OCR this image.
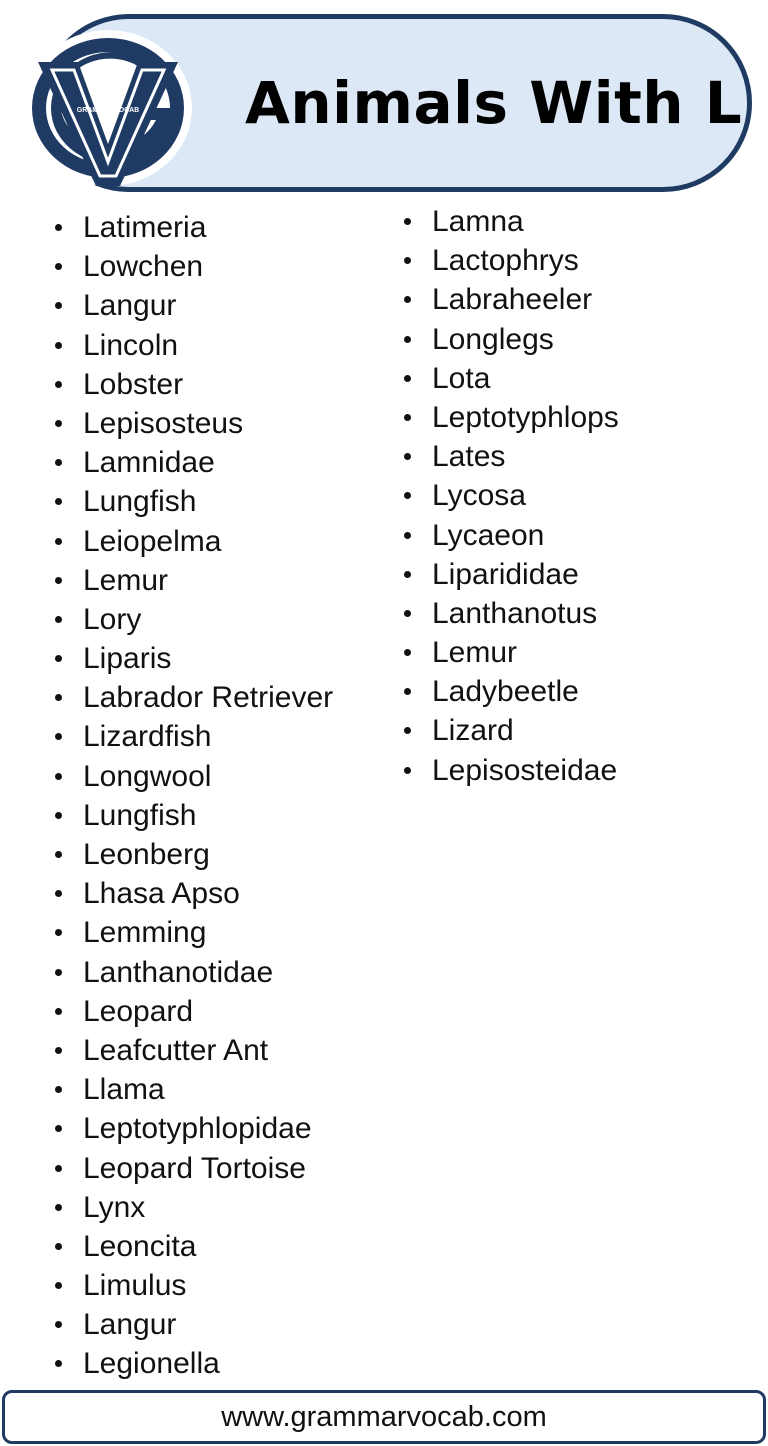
Animals With L
GRAMMARVOCAB
Latimeria
Lowchen
Langur
Lincoln
Lobster
Lepisosteus
Lamnidae
Lungfish
Leiopelma
Lemur
Lory
Liparis
Labrador Retriever
Lizardfish
Longwool
Lungfish
Leonberg
Lhasa Apso
Lemming
Lanthanotidae
Leopard
Leafcutter Ant
Llama
Leptotyphlopidae
Leopard Tortoise
Lynx
Leoncita
Limulus
Langur
Legionella
Lamna
Lactophrys
Labraheeler
Longlegs
Lota
Leptotyphlops
Lates
Lycosa
Lycaeon
Liparididae
Lanthanotus
Lemur
Ladybeetle
Lizard
Lepisosteidae
www.grammarvocab.com
